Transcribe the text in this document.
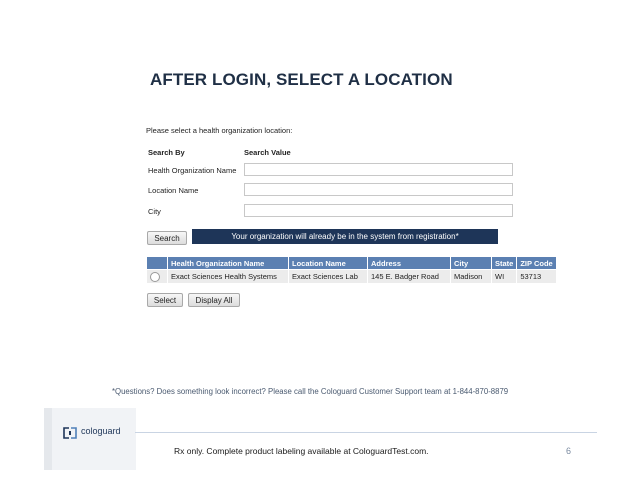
AFTER LOGIN, SELECT A LOCATION
Please select a health organization location:
Search By	Search Value
Health Organization Name
Location Name
City
Search	Your organization will already be in the system from registration*
	Health Organization Name	Location Name	Address	City	State	ZIP Code
	Exact Sciences Health Systems	Exact Sciences Lab	145 E. Badger Road	Madison	WI	53713
Select	Display All
*Questions? Does something look incorrect? Please call the Cologuard Customer Support team at 1-844-870-8879
cologuard
Rx only. Complete product labeling available at CologuardTest.com.	6
